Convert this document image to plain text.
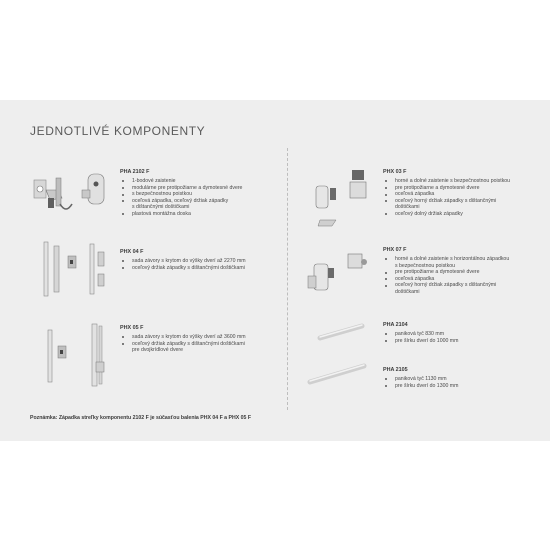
JEDNOTLIVÉ KOMPONENTY
PHA 2102 F
1-bodové zaistenie
modulárne pre protipožiarne a dymotesné dvere
s bezpečnostnou poistkou
oceľová západka, oceľový držiak západky
s dištančnými doštičkami
plastová montážna doska
PHX 04 F
sada závory s krytom do výšky dverí až 2270 mm
oceľový držiak západky s dištančnými doštičkami
PHX 05 F
sada závory s krytom do výšky dverí až 3600 mm
oceľový držiak západky s dištančnými doštičkami
pre dvojkrídlové dvere
PHX 03 F
horné a dolné zaistenie s bezpečnostnou poistkou
pre protipožiarne a dymotesné dvere
oceľová západka
oceľový horný držiak západky s dištančnými
doštičkami
oceľový dolný držiak západky
PHX 07 F
horné a dolné zaistenie s horizontálnou západkou
s bezpečnostnou poistkou
pre protipožiarne a dymotesné dvere
oceľová západka
oceľový horný držiak západky s dištančnými
doštičkami
PHA 2104
paniková tyč 830 mm
pre šírku dverí do 1000 mm
PHA 2105
paniková tyč 1130 mm
pre šírku dverí do 1300 mm
Poznámka: Západka streľky komponentu 2102 F je súčasťou balenia PHX 04 F a PHX 05 F
